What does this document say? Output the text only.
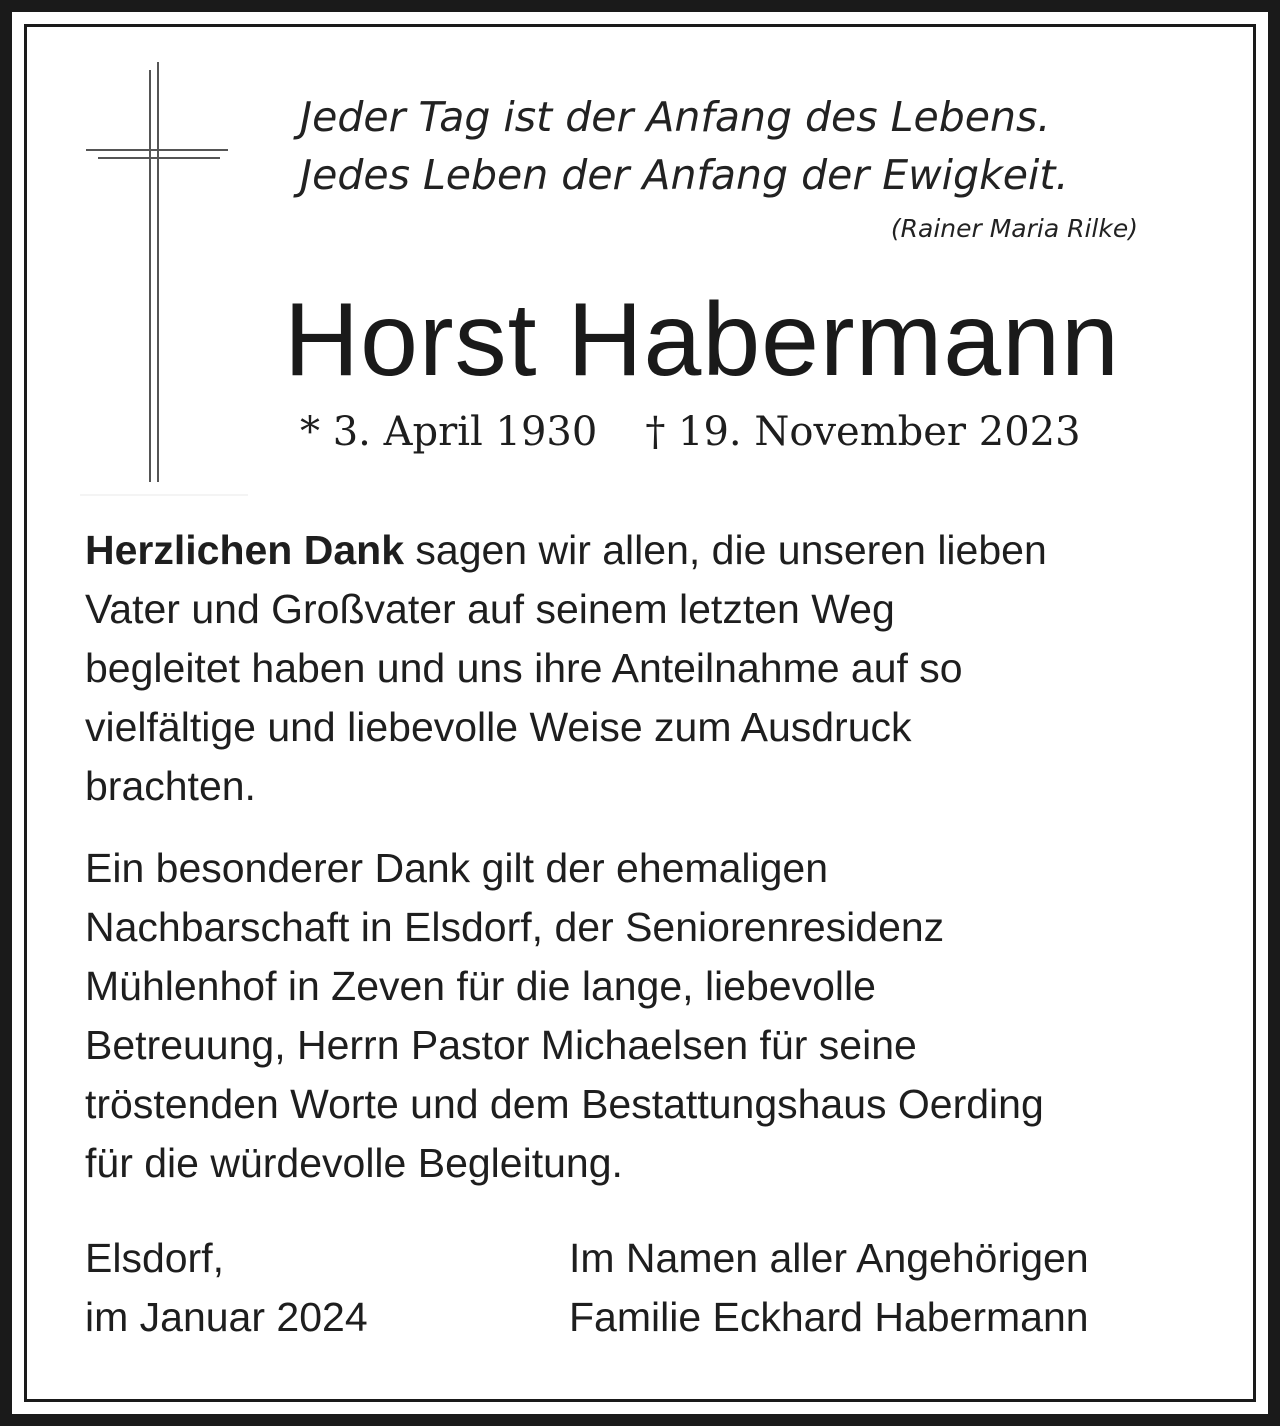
Jeder Tag ist der Anfang des Lebens.
Jedes Leben der Anfang der Ewigkeit.
(Rainer Maria Rilke)
Horst Habermann
* 3. April 1930 † 19. November 2023
Herzlichen Dank sagen wir allen, die unseren lieben
Vater und Großvater auf seinem letzten Weg
begleitet haben und uns ihre Anteilnahme auf so
vielfältige und liebevolle Weise zum Ausdruck
brachten.
Ein besonderer Dank gilt der ehemaligen
Nachbarschaft in Elsdorf, der Seniorenresidenz
Mühlenhof in Zeven für die lange, liebevolle
Betreuung, Herrn Pastor Michaelsen für seine
tröstenden Worte und dem Bestattungshaus Oerding
für die würdevolle Begleitung.
Elsdorf,
im Januar 2024
Im Namen aller Angehörigen
Familie Eckhard Habermann
